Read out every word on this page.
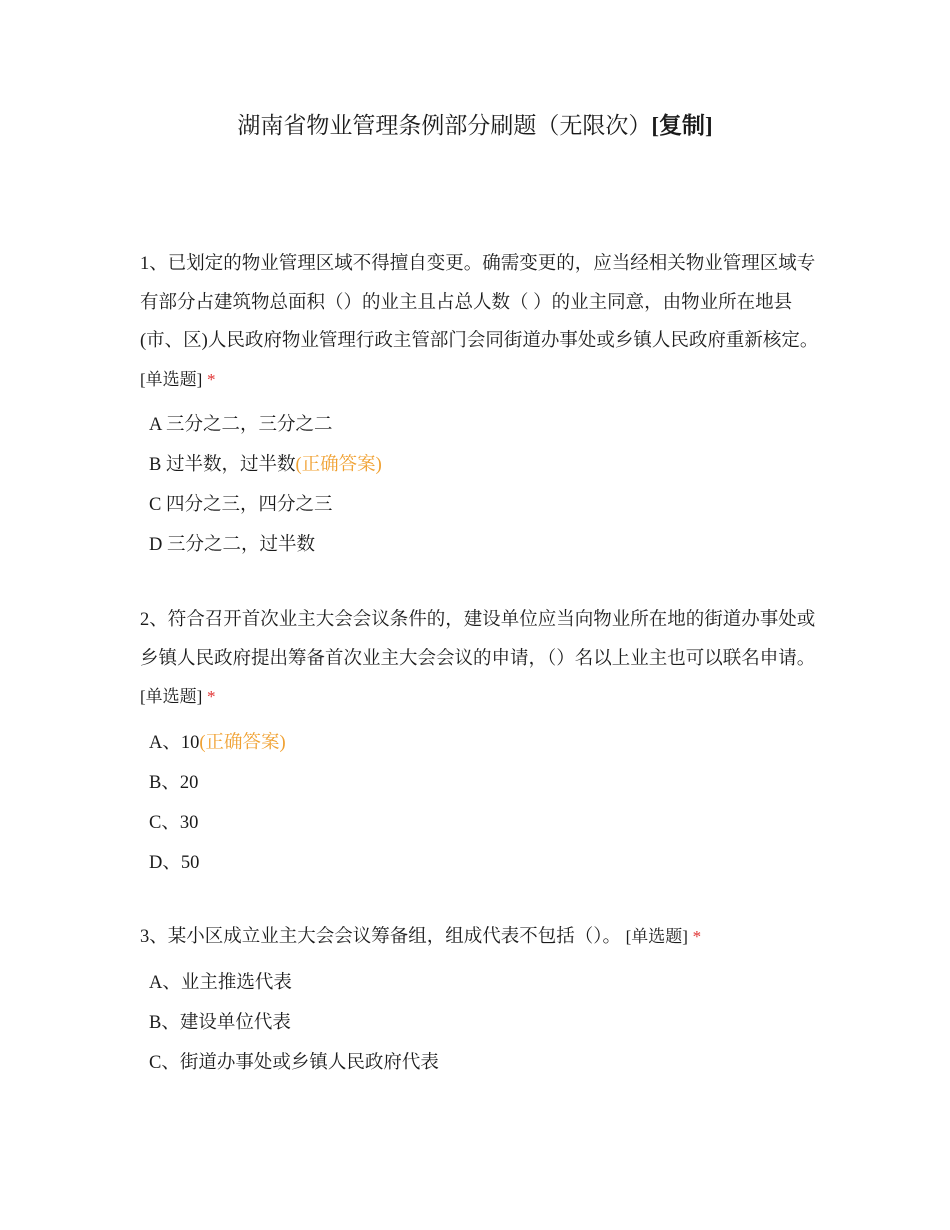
湖南省物业管理条例部分刷题（无限次）[复制]

1、已划定的物业管理区域不得擅自变更。确需变更的，应当经相关物业管理区域专有部分占建筑物总面积（）的业主且占总人数（ ）的业主同意，由物业所在地县(市、区)人民政府物业管理行政主管部门会同街道办事处或乡镇人民政府重新核定。 [单选题] *

A 三分之二，三分之二
B 过半数，过半数(正确答案)
C 四分之三，四分之三
D 三分之二，过半数

2、符合召开首次业主大会会议条件的，建设单位应当向物业所在地的街道办事处或乡镇人民政府提出筹备首次业主大会会议的申请，（）名以上业主也可以联名申请。 [单选题] *

A、10(正确答案)
B、20
C、30
D、50

3、某小区成立业主大会会议筹备组，组成代表不包括（）。 [单选题] *

A、业主推选代表
B、建设单位代表
C、街道办事处或乡镇人民政府代表
